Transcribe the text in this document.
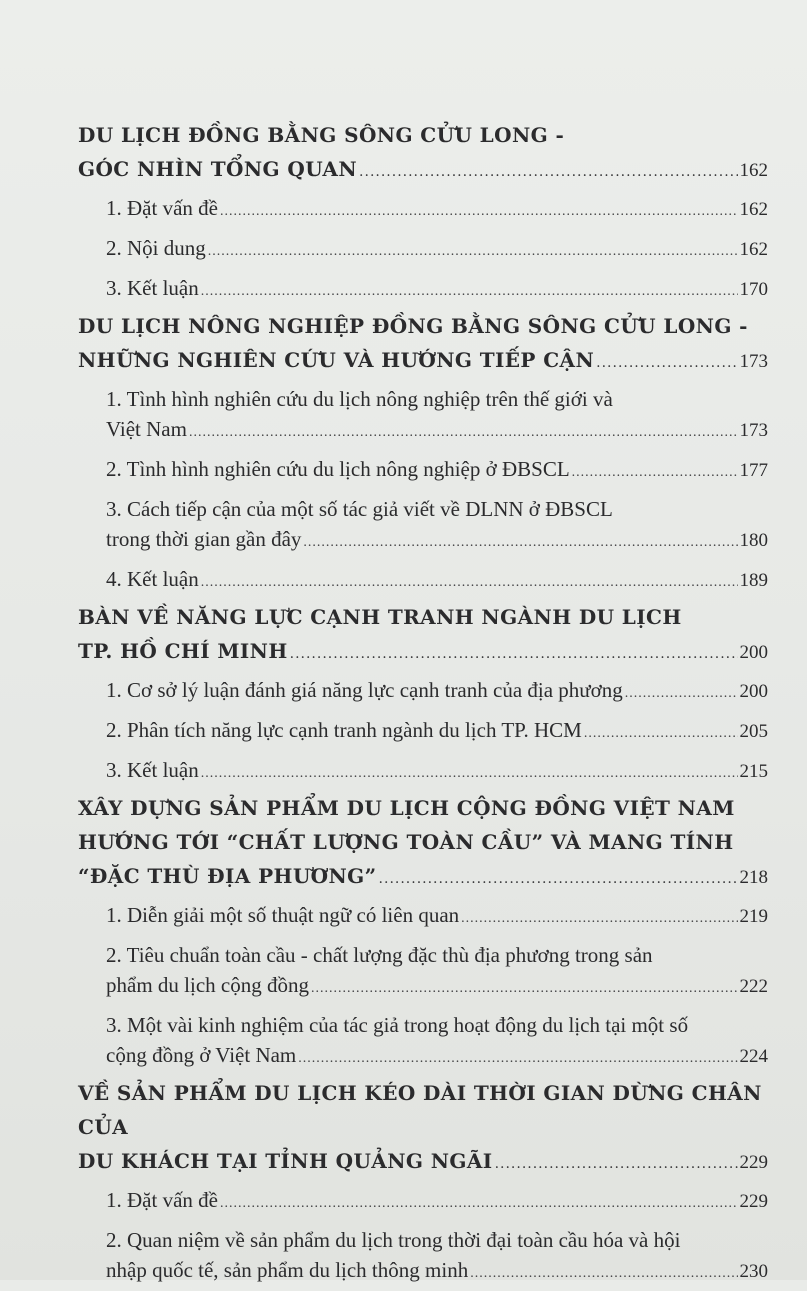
DU LỊCH ĐỒNG BẰNG SÔNG CỬU LONG -
GÓC NHÌN TỔNG QUAN .....	162
1. Đặt vấn đề .....	162
2. Nội dung .....	162
3. Kết luận .....	170
DU LỊCH NÔNG NGHIỆP ĐỒNG BẰNG SÔNG CỬU LONG -
NHỮNG NGHIÊN CỨU VÀ HƯỚNG TIẾP CẬN .....	173
1. Tình hình nghiên cứu du lịch nông nghiệp trên thế giới và
Việt Nam .....	173
2. Tình hình nghiên cứu du lịch nông nghiệp ở ĐBSCL .....	177
3. Cách tiếp cận của một số tác giả viết về DLNN ở ĐBSCL
trong thời gian gần đây .....	180
4. Kết luận .....	189
BÀN VỀ NĂNG LỰC CẠNH TRANH NGÀNH DU LỊCH
TP. HỒ CHÍ MINH .....	200
1. Cơ sở lý luận đánh giá năng lực cạnh tranh của địa phương .....	200
2. Phân tích năng lực cạnh tranh ngành du lịch TP. HCM .....	205
3. Kết luận .....	215
XÂY DỰNG SẢN PHẨM DU LỊCH CỘNG ĐỒNG VIỆT NAM
HƯỚNG TỚI “CHẤT LƯỢNG TOÀN CẦU” VÀ MANG TÍNH
“ĐẶC THÙ ĐỊA PHƯƠNG” .....	218
1. Diễn giải một số thuật ngữ có liên quan .....	219
2. Tiêu chuẩn toàn cầu - chất lượng đặc thù địa phương trong sản
phẩm du lịch cộng đồng .....	222
3. Một vài kinh nghiệm của tác giả trong hoạt động du lịch tại một số
cộng đồng ở Việt Nam .....	224
VỀ SẢN PHẨM DU LỊCH KÉO DÀI THỜI GIAN DỪNG CHÂN CỦA
DU KHÁCH TẠI TỈNH QUẢNG NGÃI .....	229
1. Đặt vấn đề .....	229
2. Quan niệm về sản phẩm du lịch trong thời đại toàn cầu hóa và hội
nhập quốc tế, sản phẩm du lịch thông minh .....	230
